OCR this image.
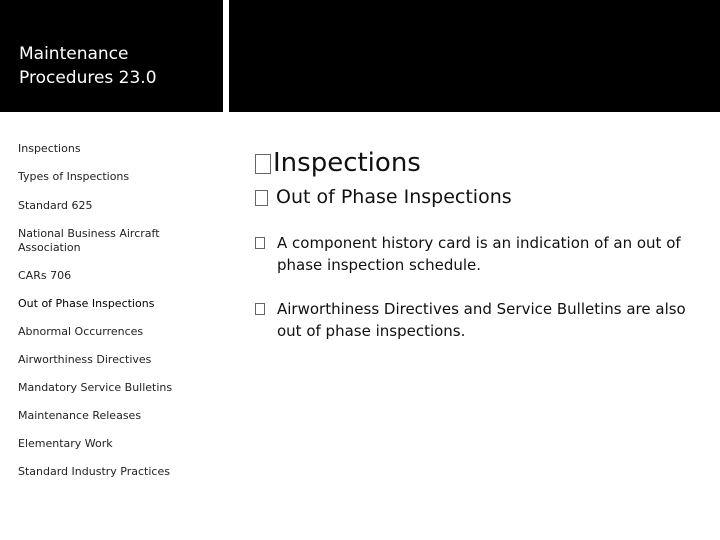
Maintenance Procedures 23.0
Inspections
Types of Inspections
Standard 625
National Business Aircraft Association
CARs 706
Out of Phase Inspections
Abnormal Occurrences
Airworthiness Directives
Mandatory Service Bulletins
Maintenance Releases
Elementary Work
Standard Industry Practices
Inspections
Out of Phase Inspections
A component history card is an indication of an out of phase inspection schedule.
Airworthiness Directives and Service Bulletins are also out of phase inspections.
